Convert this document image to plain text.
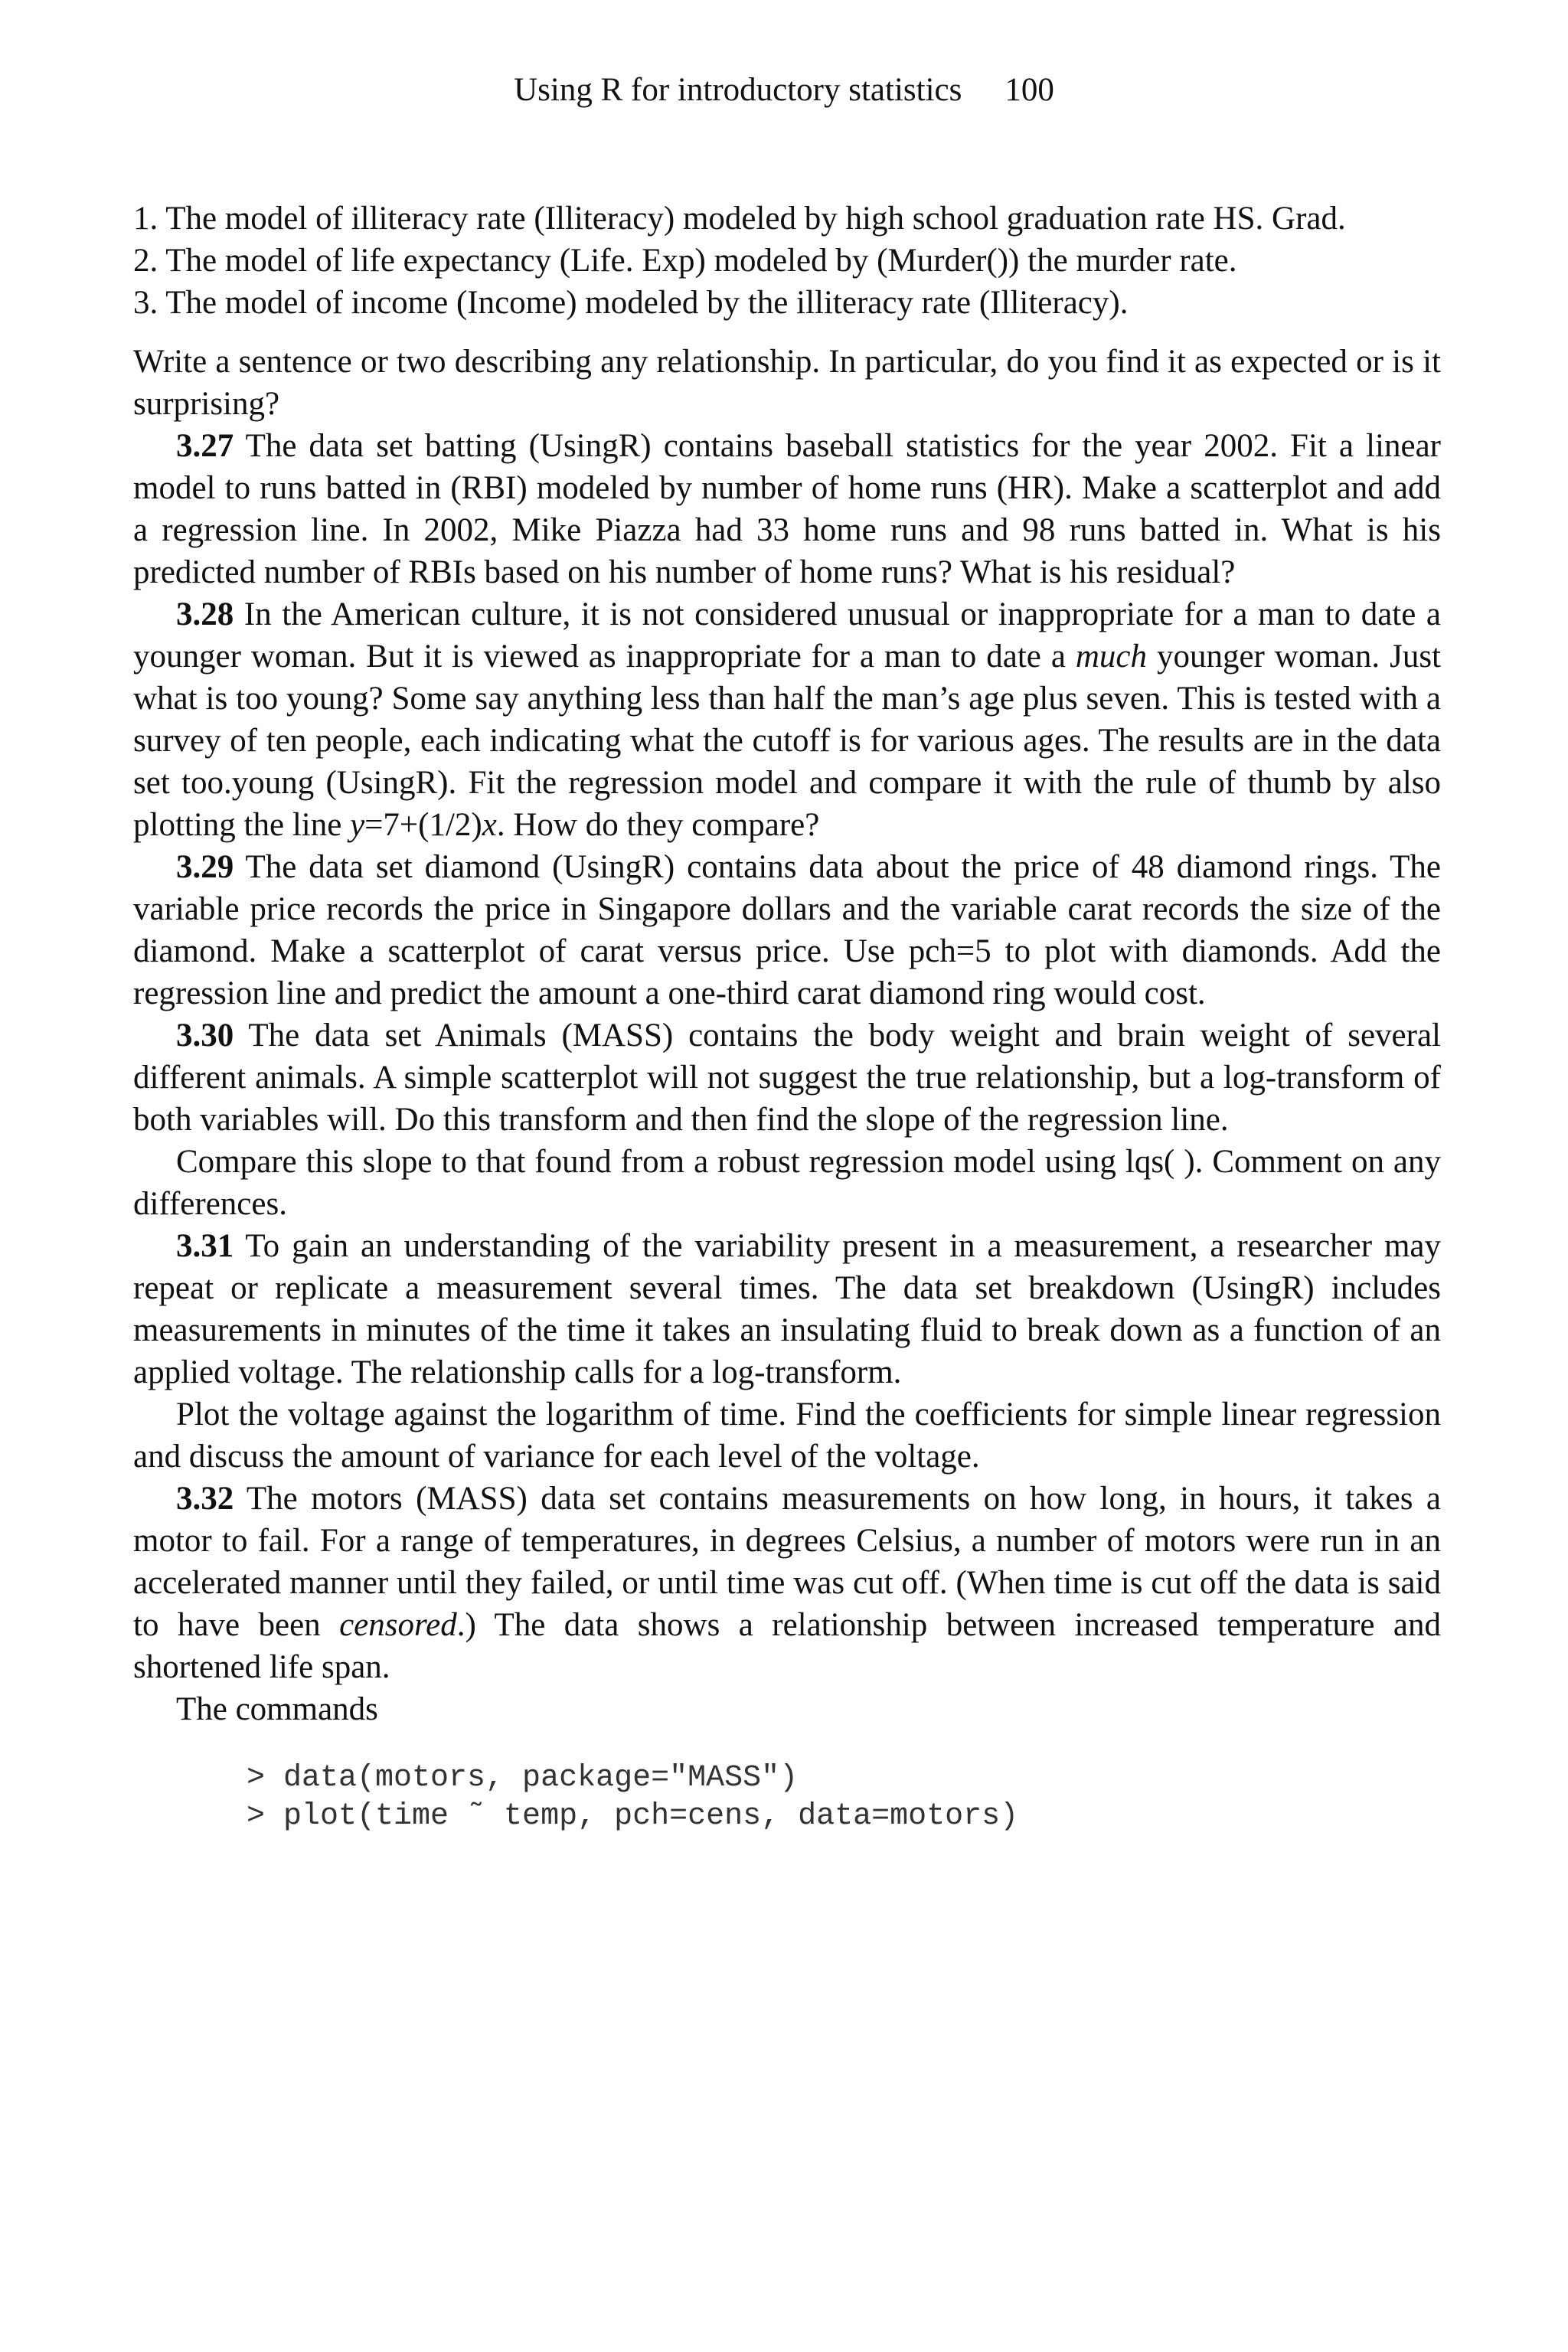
Using R for introductory statistics 100
1. The model of illiteracy rate (Illiteracy) modeled by high school graduation rate HS. Grad.
2. The model of life expectancy (Life. Exp) modeled by (Murder()) the murder rate.
3. The model of income (Income) modeled by the illiteracy rate (Illiteracy).

Write a sentence or two describing any relationship. In particular, do you find it as expected or is it surprising?

3.27 The data set batting (UsingR) contains baseball statistics for the year 2002. Fit a linear model to runs batted in (RBI) modeled by number of home runs (HR). Make a scatterplot and add a regression line. In 2002, Mike Piazza had 33 home runs and 98 runs batted in. What is his predicted number of RBIs based on his number of home runs? What is his residual?

3.28 In the American culture, it is not considered unusual or inappropriate for a man to date a younger woman. But it is viewed as inappropriate for a man to date a much younger woman. Just what is too young? Some say anything less than half the man’s age plus seven. This is tested with a survey of ten people, each indicating what the cutoff is for various ages. The results are in the data set too.young (UsingR). Fit the regression model and compare it with the rule of thumb by also plotting the line y=7+(1/2)x. How do they compare?

3.29 The data set diamond (UsingR) contains data about the price of 48 diamond rings. The variable price records the price in Singapore dollars and the variable carat records the size of the diamond. Make a scatterplot of carat versus price. Use pch=5 to plot with diamonds. Add the regression line and predict the amount a one-third carat diamond ring would cost.

3.30 The data set Animals (MASS) contains the body weight and brain weight of several different animals. A simple scatterplot will not suggest the true relationship, but a log-transform of both variables will. Do this transform and then find the slope of the regression line.

Compare this slope to that found from a robust regression model using lqs( ). Comment on any differences.

3.31 To gain an understanding of the variability present in a measurement, a researcher may repeat or replicate a measurement several times. The data set breakdown (UsingR) includes measurements in minutes of the time it takes an insulating fluid to break down as a function of an applied voltage. The relationship calls for a log-transform.

Plot the voltage against the logarithm of time. Find the coefficients for simple linear regression and discuss the amount of variance for each level of the voltage.

3.32 The motors (MASS) data set contains measurements on how long, in hours, it takes a motor to fail. For a range of temperatures, in degrees Celsius, a number of motors were run in an accelerated manner until they failed, or until time was cut off. (When time is cut off the data is said to have been censored.) The data shows a relationship between increased temperature and shortened life span.

The commands

> data(motors, package="MASS")
> plot(time ˜ temp, pch=cens, data=motors)
